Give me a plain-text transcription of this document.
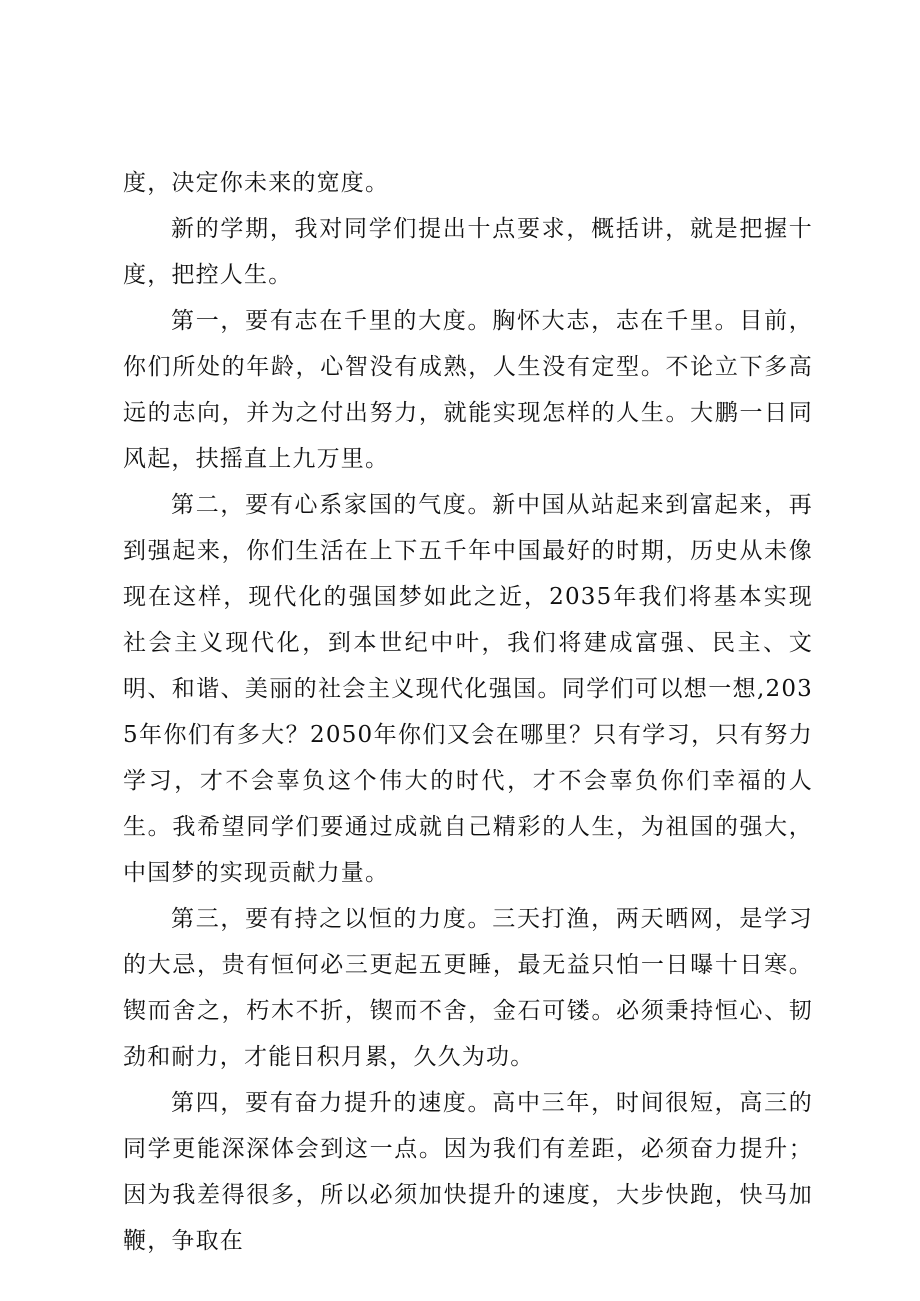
度，决定你未来的宽度。

新的学期，我对同学们提出十点要求，概括讲，就是把握十度，把控人生。

第一，要有志在千里的大度。胸怀大志，志在千里。目前，你们所处的年龄，心智没有成熟，人生没有定型。不论立下多高远的志向，并为之付出努力，就能实现怎样的人生。大鹏一日同风起，扶摇直上九万里。

第二，要有心系家国的气度。新中国从站起来到富起来，再到强起来，你们生活在上下五千年中国最好的时期，历史从未像现在这样，现代化的强国梦如此之近，2035年我们将基本实现社会主义现代化，到本世纪中叶，我们将建成富强、民主、文明、和谐、美丽的社会主义现代化强国。同学们可以想一想,2035年你们有多大？2050年你们又会在哪里？只有学习，只有努力学习，才不会辜负这个伟大的时代，才不会辜负你们幸福的人生。我希望同学们要通过成就自己精彩的人生，为祖国的强大，中国梦的实现贡献力量。

第三，要有持之以恒的力度。三天打渔，两天晒网，是学习的大忌，贵有恒何必三更起五更睡，最无益只怕一日曝十日寒。锲而舍之，朽木不折，锲而不舍，金石可镂。必须秉持恒心、韧劲和耐力，才能日积月累，久久为功。

第四，要有奋力提升的速度。高中三年，时间很短，高三的同学更能深深体会到这一点。因为我们有差距，必须奋力提升；因为我差得很多，所以必须加快提升的速度，大步快跑，快马加鞭，争取在
